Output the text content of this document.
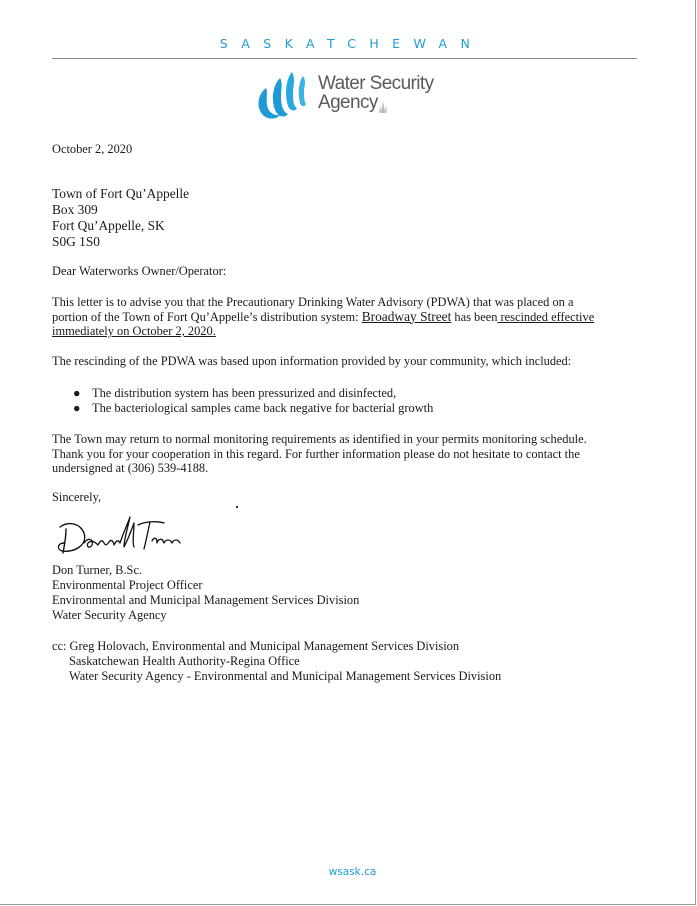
SASKATCHEWAN
Water Security
Agency
October 2, 2020
Town of Fort Qu’Appelle
Box 309
Fort Qu’Appelle, SK
S0G 1S0
Dear Waterworks Owner/Operator:
This letter is to advise you that the Precautionary Drinking Water Advisory (PDWA) that was placed on a
portion of the Town of Fort Qu’Appelle’s distribution system: Broadway Street has been rescinded effective
immediately on October 2, 2020.
The rescinding of the PDWA was based upon information provided by your community, which included:
● The distribution system has been pressurized and disinfected,
● The bacteriological samples came back negative for bacterial growth
The Town may return to normal monitoring requirements as identified in your permits monitoring schedule.
Thank you for your cooperation in this regard. For further information please do not hesitate to contact the
undersigned at (306) 539-4188.
Sincerely,
Don Turner, B.Sc.
Environmental Project Officer
Environmental and Municipal Management Services Division
Water Security Agency
cc: Greg Holovach, Environmental and Municipal Management Services Division
Saskatchewan Health Authority-Regina Office
Water Security Agency - Environmental and Municipal Management Services Division
wsask.ca
